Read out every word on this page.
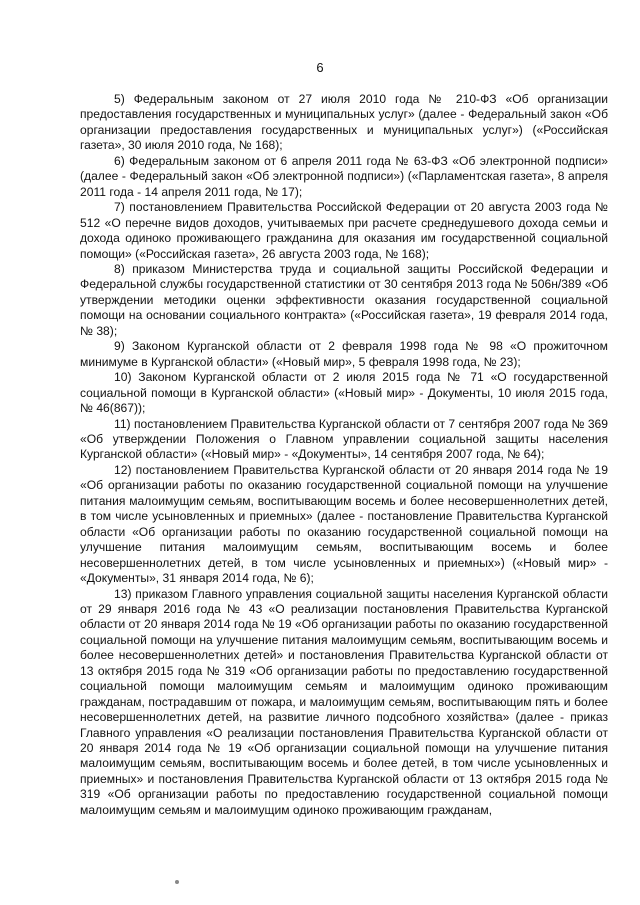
6

5) Федеральным законом от 27 июля 2010 года № 210-ФЗ «Об организации предоставления государственных и муниципальных услуг» (далее - Федеральный закон «Об организации предоставления государственных и муниципальных услуг») («Российская газета», 30 июля 2010 года, № 168);

6) Федеральным законом от 6 апреля 2011 года № 63-ФЗ «Об электронной подписи» (далее - Федеральный закон «Об электронной подписи») («Парламентская газета», 8 апреля 2011 года - 14 апреля 2011 года, № 17);

7) постановлением Правительства Российской Федерации от 20 августа 2003 года № 512 «О перечне видов доходов, учитываемых при расчете среднедушевого дохода семьи и дохода одиноко проживающего гражданина для оказания им государственной социальной помощи» («Российская газета», 26 августа 2003 года, № 168);

8) приказом Министерства труда и социальной защиты Российской Федерации и Федеральной службы государственной статистики от 30 сентября 2013 года № 506н/389 «Об утверждении методики оценки эффективности оказания государственной социальной помощи на основании социального контракта» («Российская газета», 19 февраля 2014 года, № 38);

9) Законом Курганской области от 2 февраля 1998 года № 98 «О прожиточном минимуме в Курганской области» («Новый мир», 5 февраля 1998 года, № 23);

10) Законом Курганской области от 2 июля 2015 года № 71 «О государственной социальной помощи в Курганской области» («Новый мир» - Документы, 10 июля 2015 года, № 46(867));

11) постановлением Правительства Курганской области от 7 сентября 2007 года № 369 «Об утверждении Положения о Главном управлении социальной защиты населения Курганской области» («Новый мир» - «Документы», 14 сентября 2007 года, № 64);

12) постановлением Правительства Курганской области от 20 января 2014 года № 19 «Об организации работы по оказанию государственной социальной помощи на улучшение питания малоимущим семьям, воспитывающим восемь и более несовершеннолетних детей, в том числе усыновленных и приемных» (далее - постановление Правительства Курганской области «Об организации работы по оказанию государственной социальной помощи на улучшение питания малоимущим семьям, воспитывающим восемь и более несовершеннолетних детей, в том числе усыновленных и приемных») («Новый мир» - «Документы», 31 января 2014 года, № 6);

13) приказом Главного управления социальной защиты населения Курганской области от 29 января 2016 года № 43 «О реализации постановления Правительства Курганской области от 20 января 2014 года № 19 «Об организации работы по оказанию государственной социальной помощи на улучшение питания малоимущим семьям, воспитывающим восемь и более несовершеннолетних детей» и постановления Правительства Курганской области от 13 октября 2015 года № 319 «Об организации работы по предоставлению государственной социальной помощи малоимущим семьям и малоимущим одиноко проживающим гражданам, пострадавшим от пожара, и малоимущим семьям, воспитывающим пять и более несовершеннолетних детей, на развитие личного подсобного хозяйства» (далее - приказ Главного управления «О реализации постановления Правительства Курганской области от 20 января 2014 года № 19 «Об организации социальной помощи на улучшение питания малоимущим семьям, воспитывающим восемь и более детей, в том числе усыновленных и приемных» и постановления Правительства Курганской области от 13 октября 2015 года № 319 «Об организации работы по предоставлению государственной социальной помощи малоимущим семьям и малоимущим одиноко проживающим гражданам,
